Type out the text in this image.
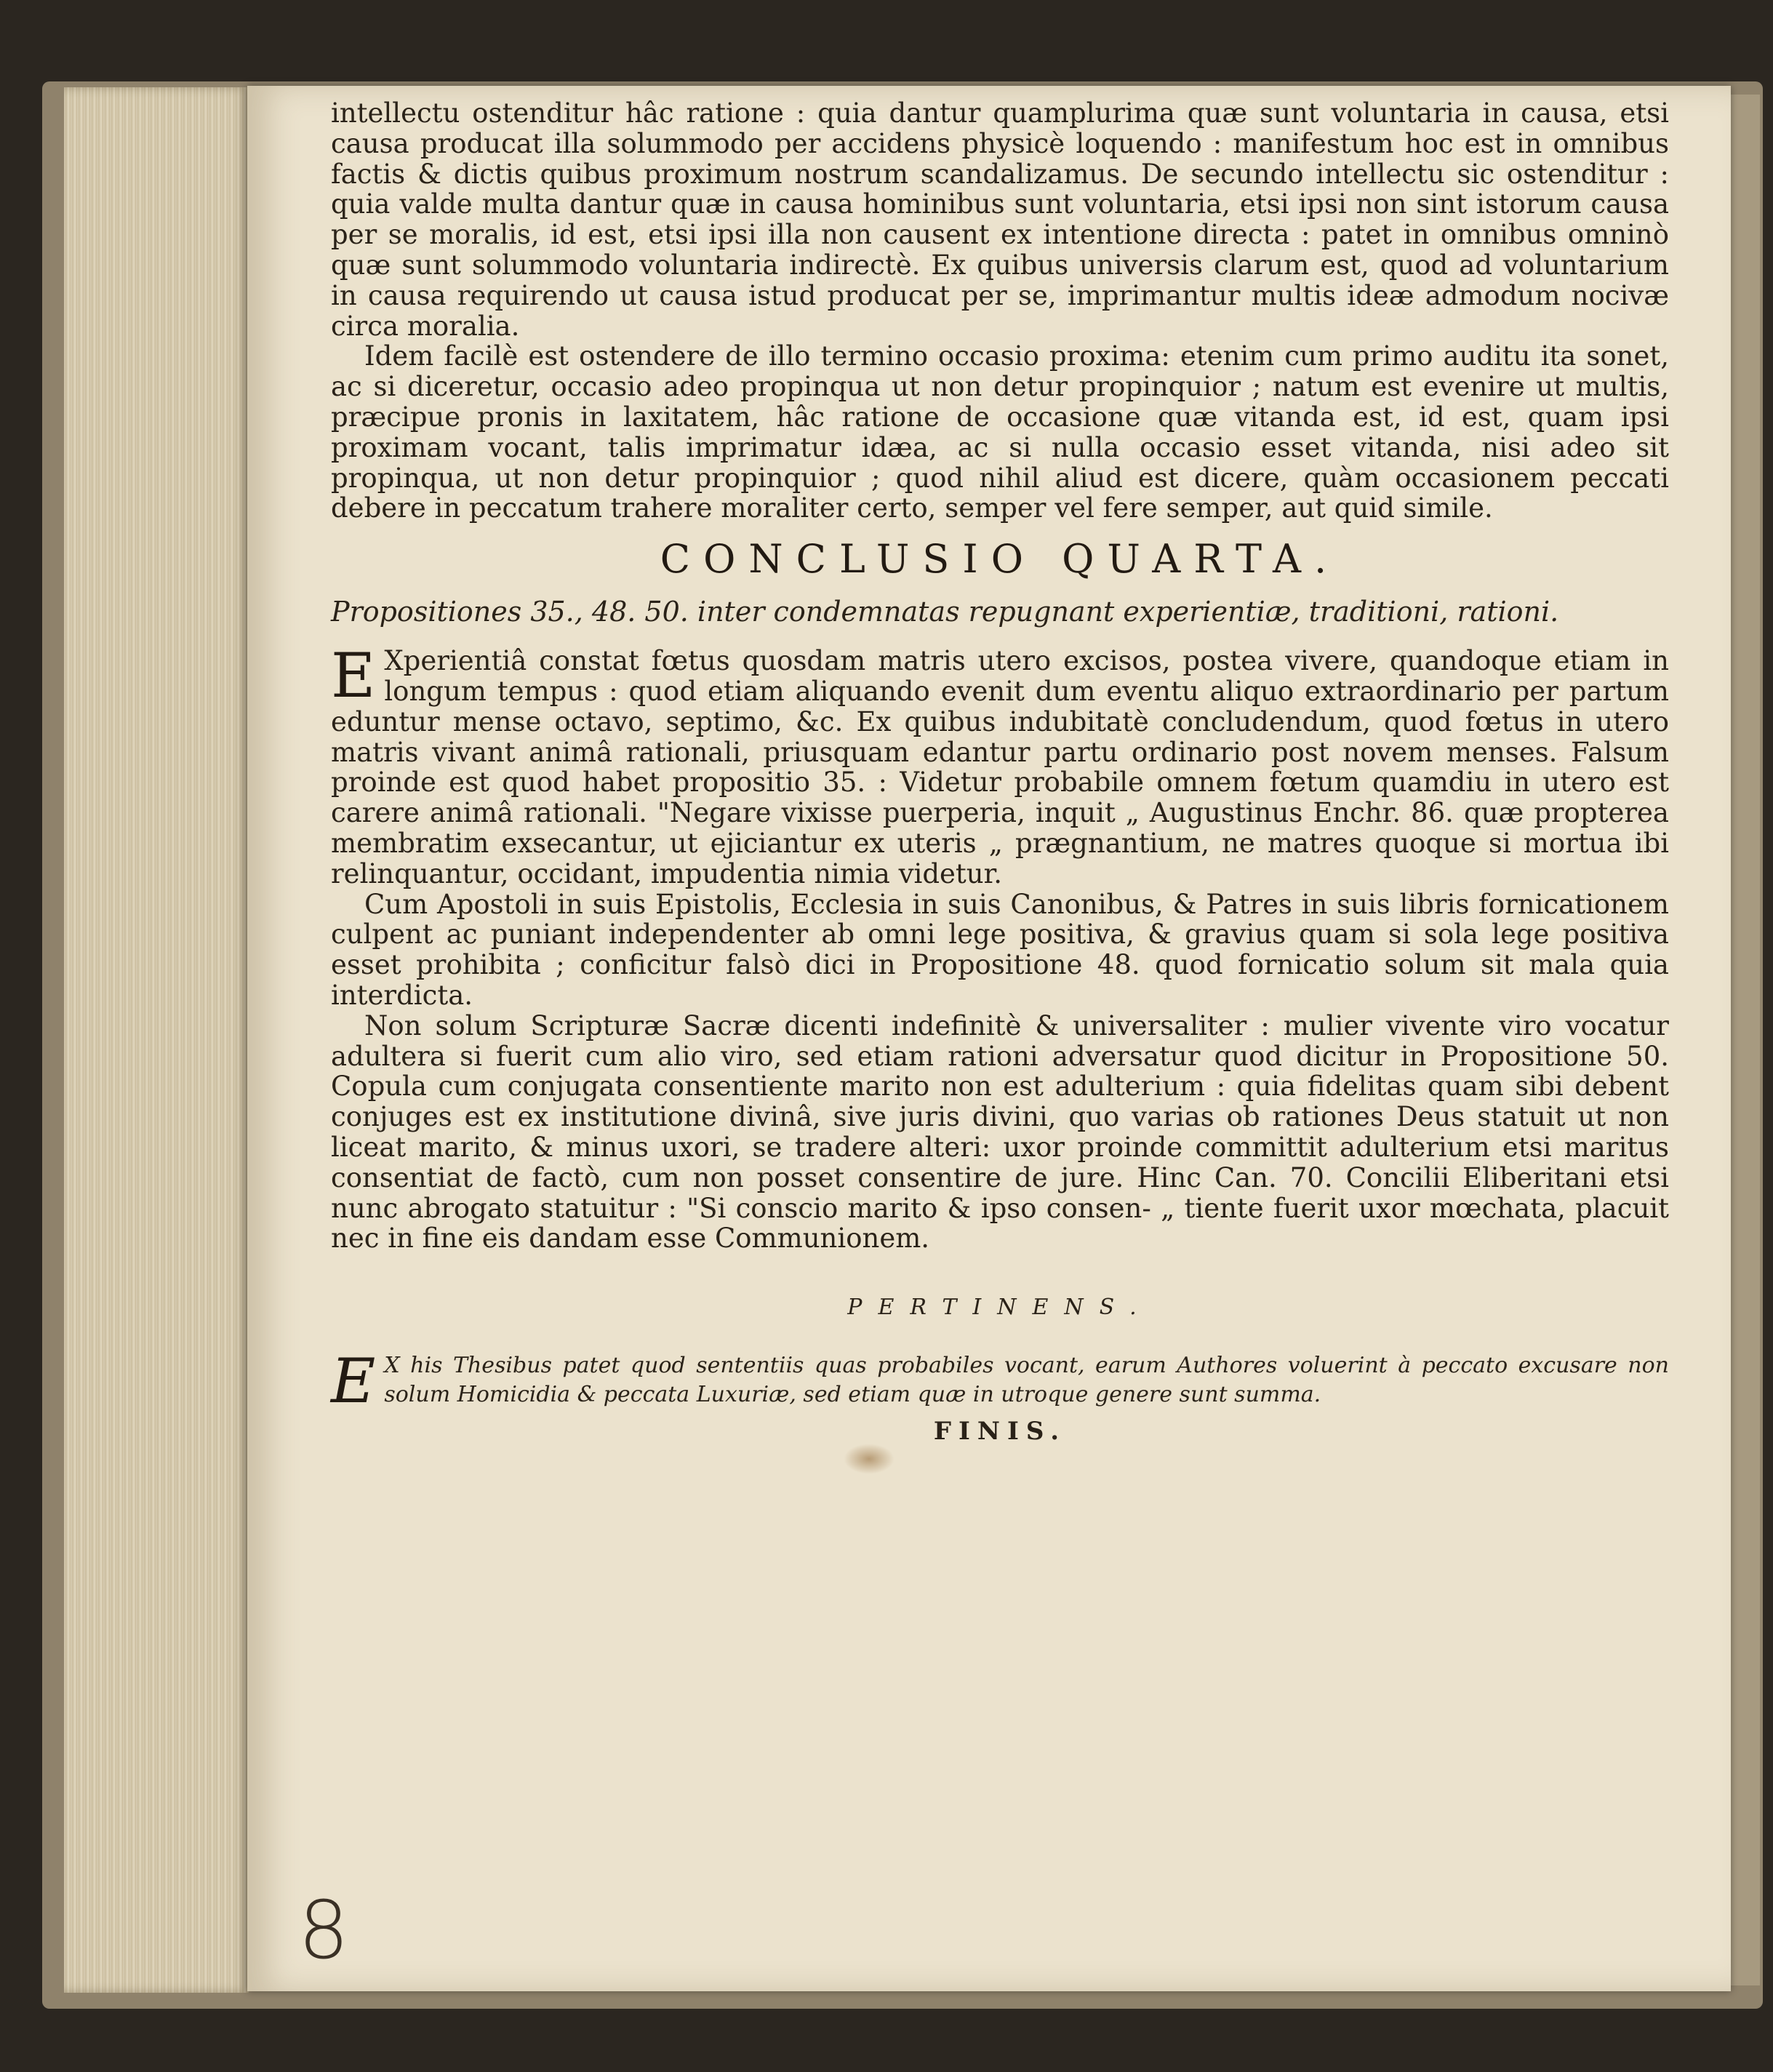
intellectu ostenditur hâc ratione : quia dantur quamplurima quæ sunt voluntaria in causa, etsi causa producat illa solummodo per accidens physicè loquendo : manifestum hoc est in omnibus factis & dictis quibus proximum nostrum scandalizamus. De secundo intellectu sic ostenditur : quia valde multa dantur quæ in causa hominibus sunt voluntaria, etsi ipsi non sint istorum causa per se moralis, id est, etsi ipsi illa non causent ex intentione directa : patet in omnibus omninò quæ sunt solummodo voluntaria indirectè. Ex quibus universis clarum est, quod ad voluntarium in causa requirendo ut causa istud producat per se, imprimantur multis ideæ admodum nocivæ circa moralia.

Idem facilè est ostendere de illo termino occasio proxima: etenim cum primo auditu ita sonet, ac si diceretur, occasio adeo propinqua ut non detur propinquior ; natum est evenire ut multis, præcipue pronis in laxitatem, hâc ratione de occasione quæ vitanda est, id est, quam ipsi proximam vocant, talis imprimatur idæa, ac si nulla occasio esset vitanda, nisi adeo sit propinqua, ut non detur propinquior ; quod nihil aliud est dicere, quàm occasionem peccati debere in peccatum trahere moraliter certo, semper vel fere semper, aut quid simile.

CONCLUSIO QUARTA.
Propositiones 35., 48. 50. inter condemnatas repugnant experientiæ, traditioni, rationi.

E Xperientiâ constat fœtus quosdam matris utero excisos, postea vivere, quandoque etiam in longum tempus : quod etiam aliquando evenit dum eventu aliquo extraordinario per partum eduntur mense octavo, septimo, &c. Ex quibus indubitatè concludendum, quod fœtus in utero matris vivant animâ rationali, priusquam edantur partu ordinario post novem menses. Falsum proinde est quod habet propositio 35. : Videtur probabile omnem fœtum quamdiu in utero est carere animâ rationali. "Negare vixisse puerperia, inquit „ Augustinus Enchr. 86. quæ propterea membratim exsecantur, ut ejiciantur ex uteris „ prægnantium, ne matres quoque si mortua ibi relinquantur, occidant, impudentia nimia videtur.

Cum Apostoli in suis Epistolis, Ecclesia in suis Canonibus, & Patres in suis libris fornicationem culpent ac puniant independenter ab omni lege positiva, & gravius quam si sola lege positiva esset prohibita ; conficitur falsò dici in Propositione 48. quod fornicatio solum sit mala quia interdicta.

Non solum Scripturæ Sacræ dicenti indefinitè & universaliter : mulier vivente viro vocatur adultera si fuerit cum alio viro, sed etiam rationi adversatur quod dicitur in Propositione 50. Copula cum conjugata consentiente marito non est adulterium : quia fidelitas quam sibi debent conjuges est ex institutione divinâ, sive juris divini, quo varias ob rationes Deus statuit ut non liceat marito, & minus uxori, se tradere alteri: uxor proinde committit adulterium etsi maritus consentiat de factò, cum non posset consentire de jure. Hinc Can. 70. Concilii Eliberitani etsi nunc abrogato statuitur : "Si conscio marito & ipso consen- „ tiente fuerit uxor mœchata, placuit nec in fine eis dandam esse Communionem.

PERTINENS.

E X his Thesibus patet quod sententiis quas probabiles vocant, earum Authores voluerint à peccato excusare non solum Homicidia & peccata Luxuriæ, sed etiam quæ in utroque genere sunt summa.

FINIS.
8
